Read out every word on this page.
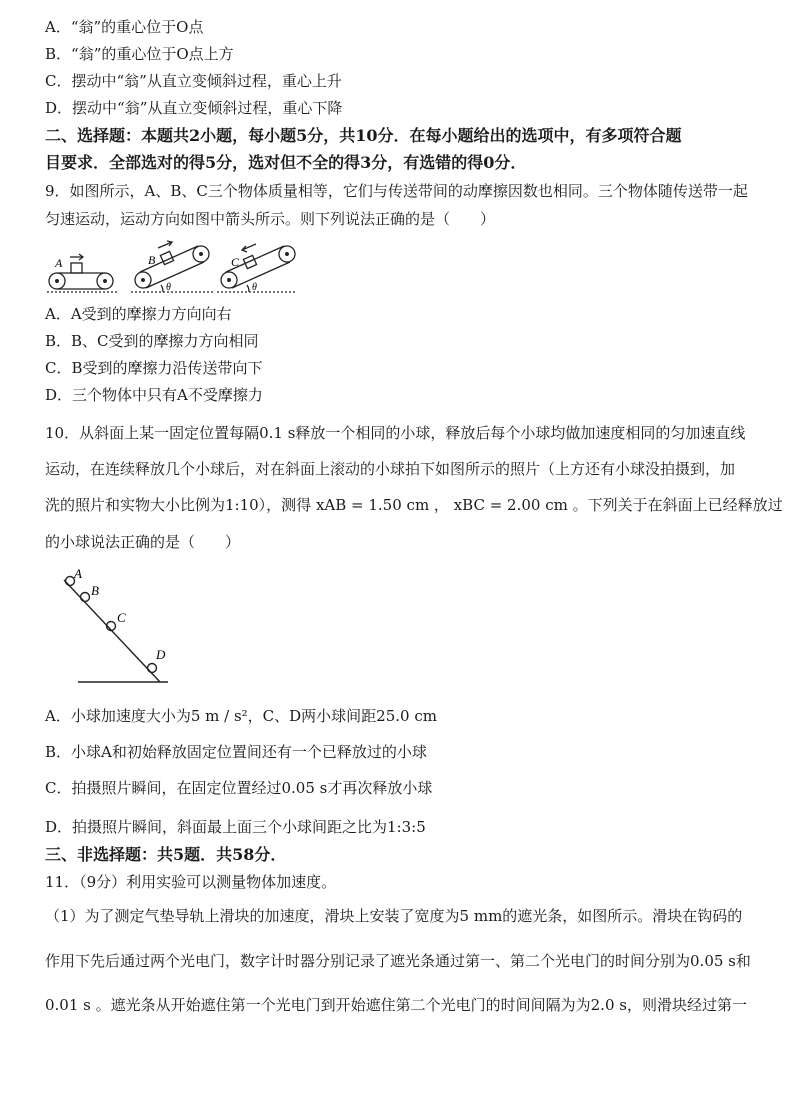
A．“翁”的重心位于O点
B．“翁”的重心位于O点上方
C．摆动中“翁”从直立变倾斜过程，重心上升
D．摆动中“翁”从直立变倾斜过程，重心下降
二、选择题：本题共2小题，每小题5分，共10分．在每小题给出的选项中，有多项符合题
目要求．全部选对的得5分，选对但不全的得3分，有选错的得0分．
9．如图所示，A、B、C三个物体质量相等，它们与传送带间的动摩擦因数也相同。三个物体随传送带一起
匀速运动，运动方向如图中箭头所示。则下列说法正确的是（　　）
A	B
θ
C
θ
A．A受到的摩擦力方向向右
B．B、C受到的摩擦力方向相同
C．B受到的摩擦力沿传送带向下
D．三个物体中只有A不受摩擦力
10．从斜面上某一固定位置每隔0.1 s释放一个相同的小球，释放后每个小球均做加速度相同的匀加速直线
运动，在连续释放几个小球后，对在斜面上滚动的小球拍下如图所示的照片（上方还有小球没拍摄到，加
洗的照片和实物大小比例为1:10），测得 xAB = 1.50 cm ， xBC = 2.00 cm 。下列关于在斜面上已经释放过
的小球说法正确的是（　　）
A
B
C
D
A．小球加速度大小为5 m / s²，C、D两小球间距25.0 cm
B．小球A和初始释放固定位置间还有一个已释放过的小球
C．拍摄照片瞬间，在固定位置经过0.05 s才再次释放小球
D．拍摄照片瞬间，斜面最上面三个小球间距之比为1:3:5
三、非选择题：共5题．共58分．
11．（9分）利用实验可以测量物体加速度。
（1）为了测定气垫导轨上滑块的加速度，滑块上安装了宽度为5 mm的遮光条，如图所示。滑块在钩码的
作用下先后通过两个光电门，数字计时器分别记录了遮光条通过第一、第二个光电门的时间分别为0.05 s和
0.01 s 。遮光条从开始遮住第一个光电门到开始遮住第二个光电门的时间间隔为为2.0 s，则滑块经过第一
